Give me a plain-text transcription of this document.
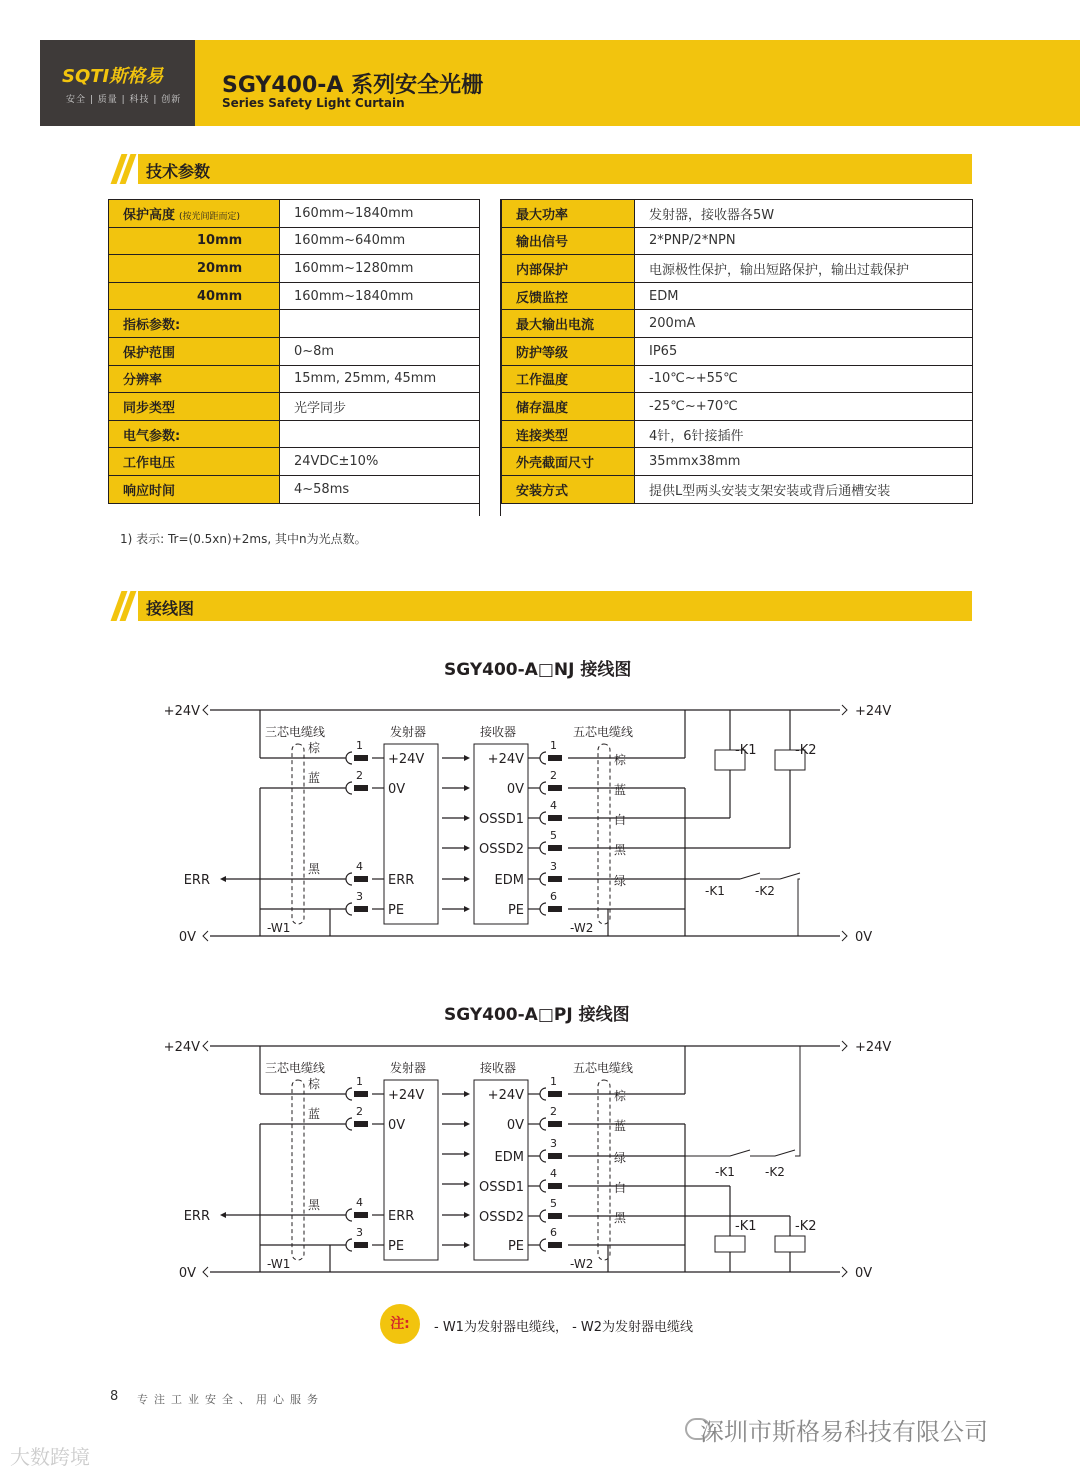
SQTI斯格易
安全 | 质量 | 科技 | 创新
SGY400-A 系列安全光栅
Series Safety Light Curtain
技术参数
保护高度 (按光间距而定)	160mm~1840mm
10mm	160mm~640mm
20mm	160mm~1280mm
40mm	160mm~1840mm
指标参数:	
保护范围	0~8m
分辨率	15mm, 25mm, 45mm
同步类型	光学同步
电气参数:	
工作电压	24VDC±10%
响应时间	4~58ms
最大功率	发射器，接收器各5W
输出信号	2*PNP/2*NPN
内部保护	电源极性保护，输出短路保护，输出过载保护
反馈监控	EDM
最大输出电流	200mA
防护等级	IP65
工作温度	-10℃~+55℃
储存温度	-25℃~+70℃
连接类型	4针，6针接插件
外壳截面尺寸	35mmx38mm
安装方式	提供L型两头安装支架安装或背后通槽安装
1) 表示: Tr=(0.5xn)+2ms, 其中n为光点数。
接线图
SGY400-A□NJ 接线图
+24V
0V
+24V
0V
三芯电缆线	发射器	接收器	五芯电缆线
-W1	-W2
1
+24V
2
0V
4
ERR
3
PE
棕
蓝
黑
ERR
+24V
1
0V
2
OSSD1
4
OSSD2
5
EDM
3
PE
6
棕
蓝
白
黑
绿
-K1	-K2
-K1	-K2
SGY400-A□PJ 接线图
+24V
0V
+24V
0V
三芯电缆线	发射器	接收器	五芯电缆线
-W1	-W2
1
+24V
2
0V
4
ERR
3
PE
棕
蓝
黑
ERR
+24V
1
0V
2
EDM
3
OSSD1
4
OSSD2
5
PE
6
棕
蓝
绿
白
黑
-K1	-K2
-K1	-K2
注:	- W1为发射器电缆线， - W2为发射器电缆线
8 专注工业安全、用心服务
深圳市斯格易科技有限公司
大数跨境
